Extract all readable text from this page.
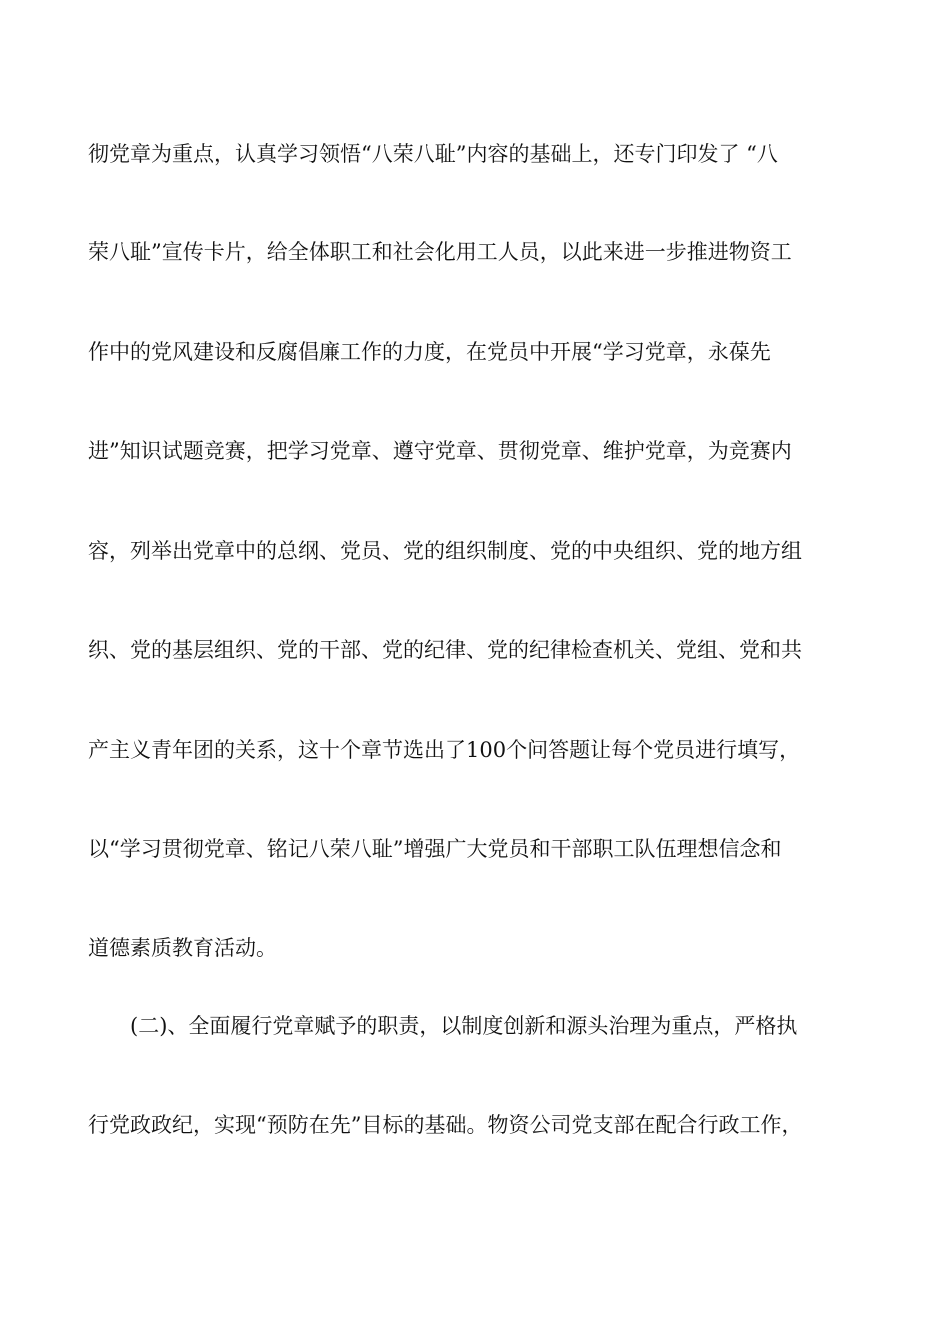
彻党章为重点，认真学习领悟“八荣八耻”内容的基础上，还专门印发了 “八
荣八耻”宣传卡片，给全体职工和社会化用工人员，以此来进一步推进物资工
作中的党风建设和反腐倡廉工作的力度，在党员中开展“学习党章，永葆先
进”知识试题竞赛，把学习党章、遵守党章、贯彻党章、维护党章，为竞赛内
容，列举出党章中的总纲、党员、党的组织制度、党的中央组织、党的地方组
织、党的基层组织、党的干部、党的纪律、党的纪律检查机关、党组、党和共
产主义青年团的关系，这十个章节选出了100个问答题让每个党员进行填写，
以“学习贯彻党章、铭记八荣八耻”增强广大党员和干部职工队伍理想信念和
道德素质教育活动。
(二)、全面履行党章赋予的职责，以制度创新和源头治理为重点，严格执
行党政政纪，实现“预防在先”目标的基础。物资公司党支部在配合行政工作，
